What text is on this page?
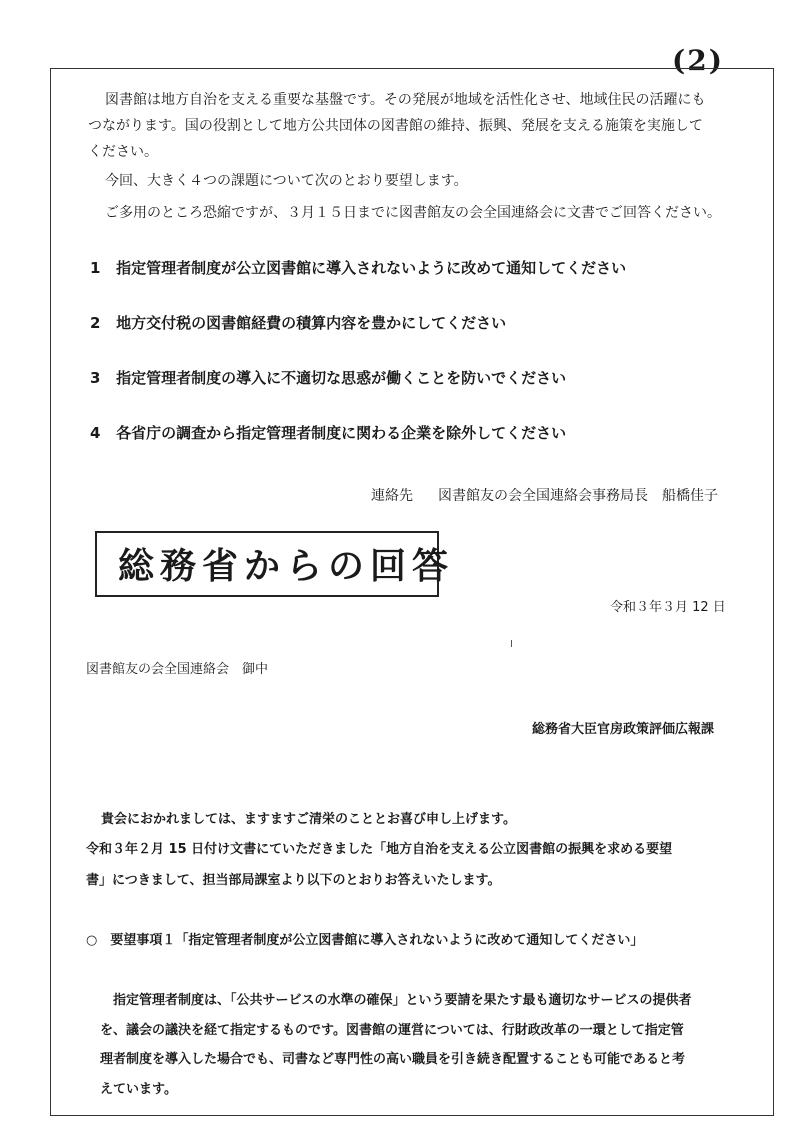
(2)
図書館は地方自治を支える重要な基盤です。その発展が地域を活性化させ、地域住民の活躍にも
つながります。国の役割として地方公共団体の図書館の維持、振興、発展を支える施策を実施して
ください。
今回、大きく４つの課題について次のとおり要望します。
ご多用のところ恐縮ですが、３月１５日までに図書館友の会全国連絡会に文書でご回答ください。
1 指定管理者制度が公立図書館に導入されないように改めて通知してください
2 地方交付税の図書館経費の積算内容を豊かにしてください
3 指定管理者制度の導入に不適切な思惑が働くことを防いでください
4 各省庁の調査から指定管理者制度に関わる企業を除外してください
連絡先 図書館友の会全国連絡会事務局長　船橋佳子
総務省からの回答
令和３年３月 12 日
図書館友の会全国連絡会　御中
総務省大臣官房政策評価広報課
貴会におかれましては、ますますご清栄のこととお喜び申し上げます。
令和３年２月 15 日付け文書にていただきました「地方自治を支える公立図書館の振興を求める要望
書」につきまして、担当部局課室より以下のとおりお答えいたします。
○　要望事項１「指定管理者制度が公立図書館に導入されないように改めて通知してください」
指定管理者制度は、「公共サービスの水準の確保」という要請を果たす最も適切なサービスの提供者
を、議会の議決を経て指定するものです。図書館の運営については、行財政改革の一環として指定管
理者制度を導入した場合でも、司書など専門性の高い職員を引き続き配置することも可能であると考
えています。
